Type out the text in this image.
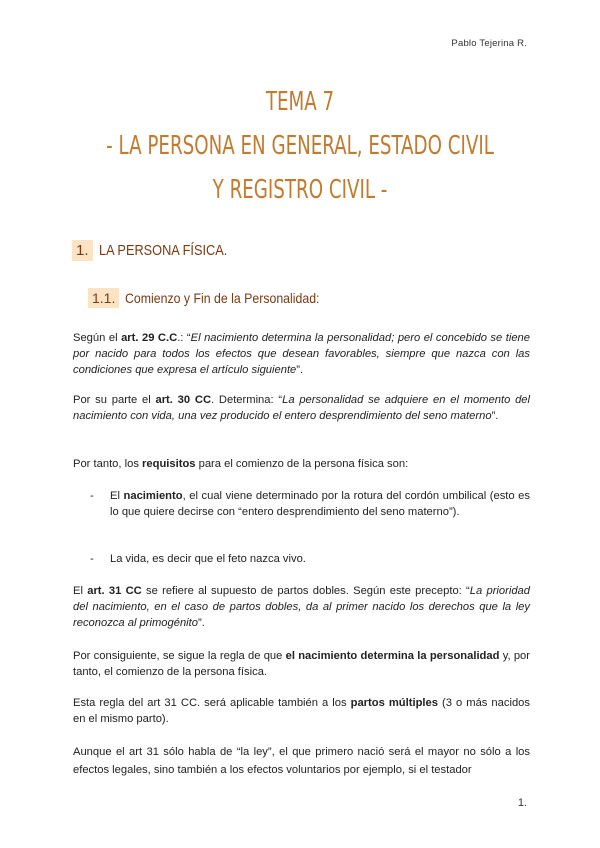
Pablo Tejerina R.
TEMA 7
- LA PERSONA EN GENERAL, ESTADO CIVIL
Y REGISTRO CIVIL -
1. LA PERSONA FÍSICA.
1.1. Comienzo y Fin de la Personalidad:

Según el art. 29 C.C.: “El nacimiento determina la personalidad; pero el concebido se tiene por nacido para todos los efectos que desean favorables, siempre que nazca con las condiciones que expresa el artículo siguiente”.

Por su parte el art. 30 CC. Determina: “La personalidad se adquiere en el momento del nacimiento con vida, una vez producido el entero desprendimiento del seno materno”.

Por tanto, los requisitos para el comienzo de la persona física son:

- El nacimiento, el cual viene determinado por la rotura del cordón umbilical (esto es lo que quiere decirse con “entero desprendimiento del seno materno”).
- La vida, es decir que el feto nazca vivo.

El art. 31 CC se refiere al supuesto de partos dobles. Según este precepto: “La prioridad del nacimiento, en el caso de partos dobles, da al primer nacido los derechos que la ley reconozca al primogénito”.

Por consiguiente, se sigue la regla de que el nacimiento determina la personalidad y, por tanto, el comienzo de la persona física.

Esta regla del art 31 CC. será aplicable también a los partos múltiples (3 o más nacidos en el mismo parto).

Aunque el art 31 sólo habla de “la ley”, el que primero nació será el mayor no sólo a los efectos legales, sino también a los efectos voluntarios por ejemplo, si el testador

1.
